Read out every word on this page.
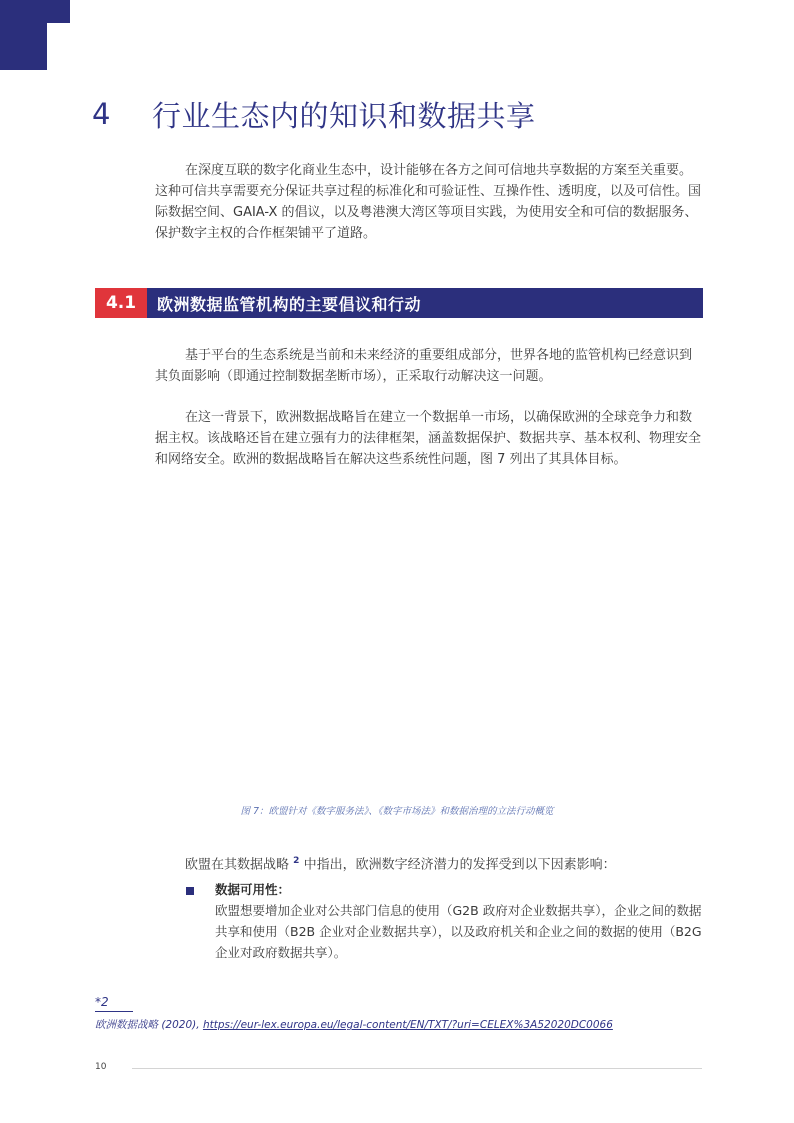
4	行业生态内的知识和数据共享

在深度互联的数字化商业生态中，设计能够在各方之间可信地共享数据的方案至关重要。这种可信共享需要充分保证共享过程的标准化和可验证性、互操作性、透明度，以及可信性。国际数据空间、GAIA-X 的倡议，以及粤港澳大湾区等项目实践，为使用安全和可信的数据服务、保护数字主权的合作框架铺平了道路。

4.1	欧洲数据监管机构的主要倡议和行动

基于平台的生态系统是当前和未来经济的重要组成部分，世界各地的监管机构已经意识到其负面影响（即通过控制数据垄断市场），正采取行动解决这一问题。

在这一背景下，欧洲数据战略旨在建立一个数据单一市场，以确保欧洲的全球竞争力和数据主权。该战略还旨在建立强有力的法律框架，涵盖数据保护、数据共享、基本权利、物理安全和网络安全。欧洲的数据战略旨在解决这些系统性问题，图 7 列出了其具体目标。

图 7：欧盟针对《数字服务法》、《数字市场法》和数据治理的立法行动概览

欧盟在其数据战略 $^2$ 中指出，欧洲数字经济潜力的发挥受到以下因素影响：

数据可用性：

欧盟想要增加企业对公共部门信息的使用（G2B 政府对企业数据共享），企业之间的数据共享和使用（B2B 企业对企业数据共享），以及政府机关和企业之间的数据的使用（B2G 企业对政府数据共享）。

*2
欧洲数据战略 (2020), https://eur-lex.europa.eu/legal-content/EN/TXT/?uri=CELEX%3A52020DC0066
10
